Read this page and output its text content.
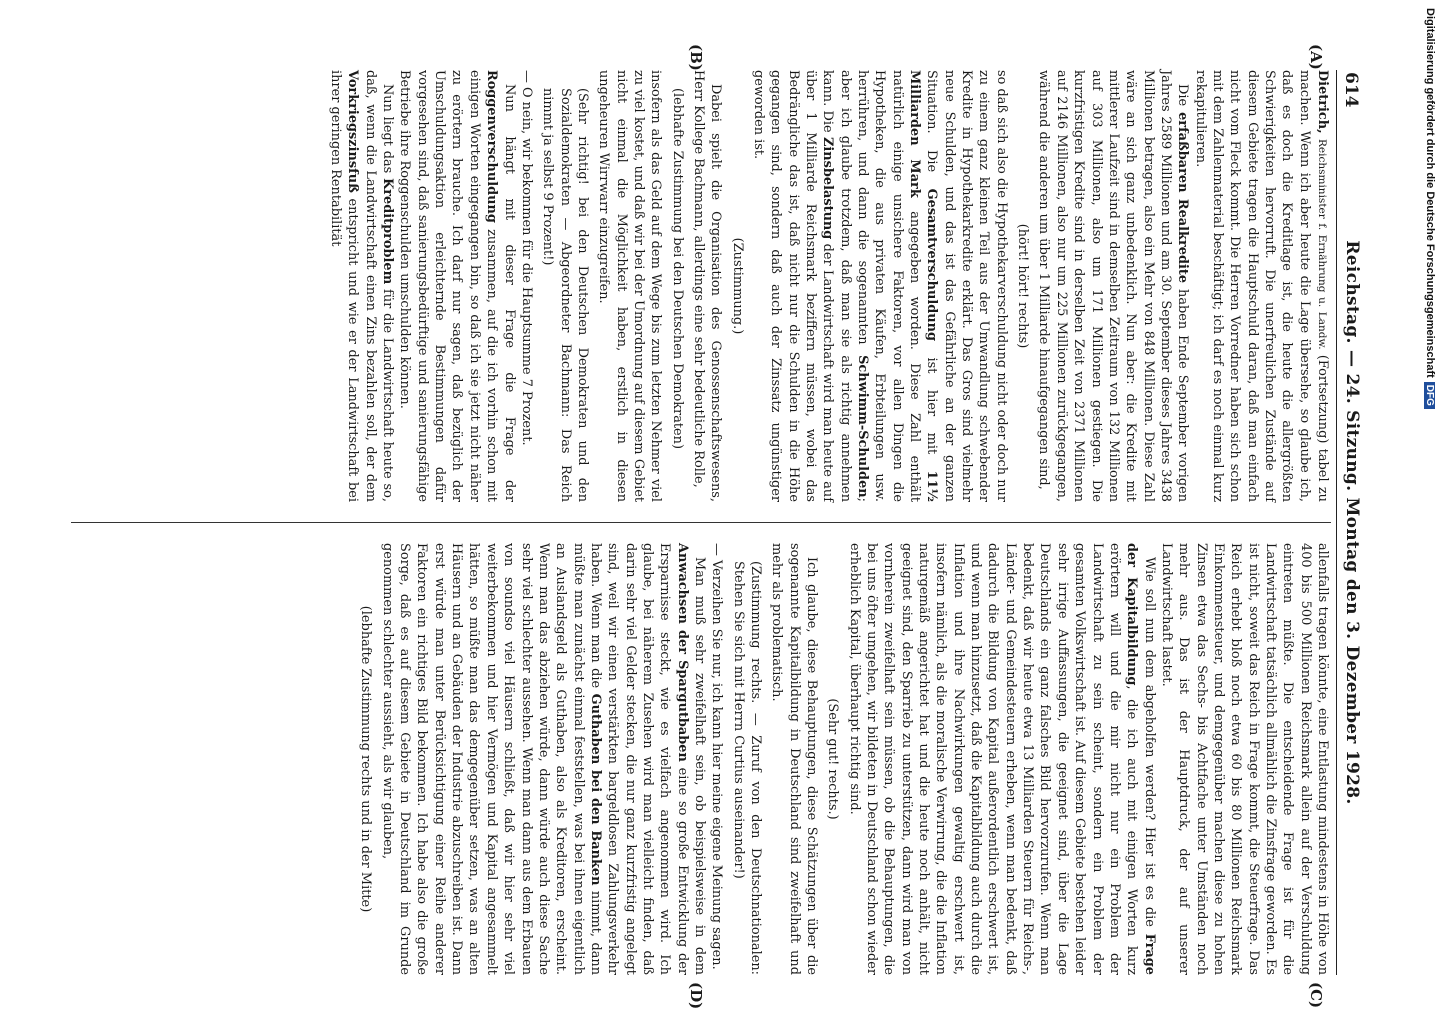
614
Reichstag. — 24. Sitzung. Montag den 3. Dezember 1928.
(A)
(B)
(C)
(D)

Dietrich, Reichsminister f. Ernährung u. Landw. (Fortsetzung) tabel zu machen. Wenn ich aber heute die Lage übersehe, so glaube ich, daß es doch die Kreditlage ist, die heute die allergrößten Schwierigkeiten hervorruft. Die unerfreulichen Zustände auf diesem Gebiete tragen die Hauptschuld daran, daß man einfach nicht vom Fleck kommt. Die Herren Vorredner haben sich schon mit dem Zahlenmaterial beschäftigt; ich darf es noch einmal kurz rekapitulieren.

Die erfaßbaren Realkredite haben Ende September vorigen Jahres 2589 Millionen und am 30. September dieses Jahres 3438 Millionen betragen, also ein Mehr von 848 Millionen. Diese Zahl wäre an sich ganz unbedenklich. Nun aber: die Kredite mit mittlerer Laufzeit sind in demselben Zeitraum von 132 Millionen auf 303 Millionen, also um 171 Millionen gestiegen. Die kurzfristigen Kredite sind in derselben Zeit von 2371 Millionen auf 2146 Millionen, also nur um 225 Millionen zurückgegangen, während die anderen um über 1 Milliarde hinaufgegangen sind,

(hört! hört! rechts)

so daß sich also die Hypothekarverschuldung nicht oder doch nur zu einem ganz kleinen Teil aus der Umwandlung schwebender Kredite in Hypothekarkredite erklärt. Das Gros sind vielmehr neue Schulden, und das ist das Gefährliche an der ganzen Situation. Die Gesamtverschuldung ist hier mit 11½ Milliarden Mark angegeben worden. Diese Zahl enthält natürlich einige unsichere Faktoren, vor allen Dingen die Hypotheken, die aus privaten Käufen, Erbteilungen usw. herrühren, und dann die sogenannten Schwimm-Schulden; aber ich glaube trotzdem, daß man sie als richtig annehmen kann. Die Zinsbelastung der Landwirtschaft wird man heute auf über 1 Milliarde Reichsmark beziffern müssen, wobei das Bedrängliche das ist, daß nicht nur die Schulden in die Höhe gegangen sind, sondern daß auch der Zinssatz ungünstiger geworden ist.

(Zustimmung.)

Dabei spielt die Organisation des Genossenschaftswesens, Herr Kollege Bachmann, allerdings eine sehr bedeutliche Rolle,

(lebhafte Zustimmung bei den Deutschen Demokraten)

insofern als das Geld auf dem Wege bis zum letzten Nehmer viel zu viel kostet, und daß wir bei der Umordnung auf diesem Gebiet nicht einmal die Möglichkeit haben, erstlich in diesen ungeheuren Wirrwarr einzugreifen.

(Sehr richtig! bei den Deutschen Demokraten und den Sozialdemokraten — Abgeordneter Bachmann: Das Reich nimmt ja selbst 9 Prozent!)

— O nein, wir bekommen für die Hauptsumme 7 Prozent.

Nun hängt mit dieser Frage die Frage der Roggenverschuldung zusammen, auf die ich vorhin schon mit einigen Worten eingegangen bin, so daß ich sie jetzt nicht näher zu erörtern brauche. Ich darf nur sagen, daß bezüglich der Umschuldungsaktion erleichternde Bestimmungen dafür vorgesehen sind, daß sanierungsbedürftige und sanierungsfähige Betriebe ihre Roggenschulden umschulden können.

Nun liegt das Kreditproblem für die Landwirtschaft heute so, daß, wenn die Landwirtschaft einen Zins bezahlen soll, der dem Vorkriegszinsfuß entspricht und wie er der Landwirtschaft bei ihrer geringen Rentabilität

allenfalls tragen könnte, eine Entlastung mindestens in Höhe von 400 bis 500 Millionen Reichsmark allein auf der Verschuldung eintreten müßte. Die entscheidende Frage ist für die Landwirtschaft tatsächlich allmählich die Zinsfrage geworden. Es ist nicht, soweit das Reich in Frage kommt, die Steuerfrage. Das Reich erhebt bloß noch etwa 60 bis 80 Millionen Reichsmark Einkommensteuer, und demgegenüber machen diese zu hohen Zinsen etwa das Sechs- bis Achtfache unter Umständen noch mehr aus. Das ist der Hauptdruck, der auf unserer Landwirtschaft lastet.

Wie soll nun dem abgeholfen werden? Hier ist es die Frage der Kapitalbildung, die ich auch mit einigen Worten kurz erörtern will und die mir nicht nur ein Problem der Landwirtschaft zu sein scheint, sondern ein Problem der gesamten Volkswirtschaft ist. Auf diesem Gebiete bestehen leider sehr irrige Auffassungen, die geeignet sind, über die Lage Deutschlands ein ganz falsches Bild hervorzurufen. Wenn man bedenkt, daß wir heute etwa 13 Milliarden Steuern für Reichs-, Länder- und Gemeindesteuern erheben, wenn man bedenkt, daß dadurch die Bildung von Kapital außerordentlich erschwert ist, und wenn man hinzusetzt, daß die Kapitalbildung auch durch die Inflation und ihre Nachwirkungen gewaltig erschwert ist, insofern nämlich, als die moralische Verwirrung, die die Inflation naturgemäß angerichtet hat und die heute noch anhält, nicht geeignet sind, den Sparrieb zu unterstützen, dann wird man von vornherein zweifelhaft sein müssen, ob die Behauptungen, die bei uns öfter umgehen, wir bildeten in Deutschland schon wieder erheblich Kapital, überhaupt richtig sind.

(Sehr gut! rechts.)

Ich glaube, diese Behauptungen, diese Schätzungen über die sogenannte Kapitalbildung in Deutschland sind zweifelhaft und mehr als problematisch.

(Zustimmung rechts. — Zuruf von den Deutschnationalen: Stehen Sie sich mit Herrn Curtius auseinander!)

— Verzeihen Sie nur, ich kann hier meine eigene Meinung sagen.

Man muß sehr zweifelhaft sein, ob beispielsweise in dem Anwachsen der Spargutbaben eine so große Entwicklung der Ersparnisse steckt, wie es vielfach angenommen wird. Ich glaube, bei näherem Zusehen wird man vielleicht finden, daß darin sehr viel Gelder stecken, die nur ganz kurzfristig angelegt sind, weil wir einen verstärkten bargeldlosen Zahlungsverkehr haben. Wenn man die Guthaben bei den Banken nimmt, dann müßte man zunächst einmal feststellen, was bei ihnen eigentlich an Auslandsgeld als Guthaben, also als Kreditoren, erscheint. Wenn man das abziehen würde, dann würde auch diese Sache sehr viel schlechter aussehen. Wenn man dann aus dem Erbauen von soundso viel Häusern schließt, daß wir hier sehr viel weiterbekommen und hier Vermögen und Kapital angesammelt hätten, so müßte man das demgegenüber setzen, was an alten Häusern und an Gebäuden der Industrie abzuschreiben ist. Dann erst würde man unter Berücksichtigung einer Reihe anderer Faktoren ein richtiges Bild bekommen. Ich habe also die große Sorge, daß es auf diesem Gebiete in Deutschland im Grunde genommen schlechter aussieht, als wir glauben,

(lebhafte Zustimmung rechts und in der Mitte)

Digitalisierung gefördert durch die Deutsche ForschungsgemeinschaftDFG
